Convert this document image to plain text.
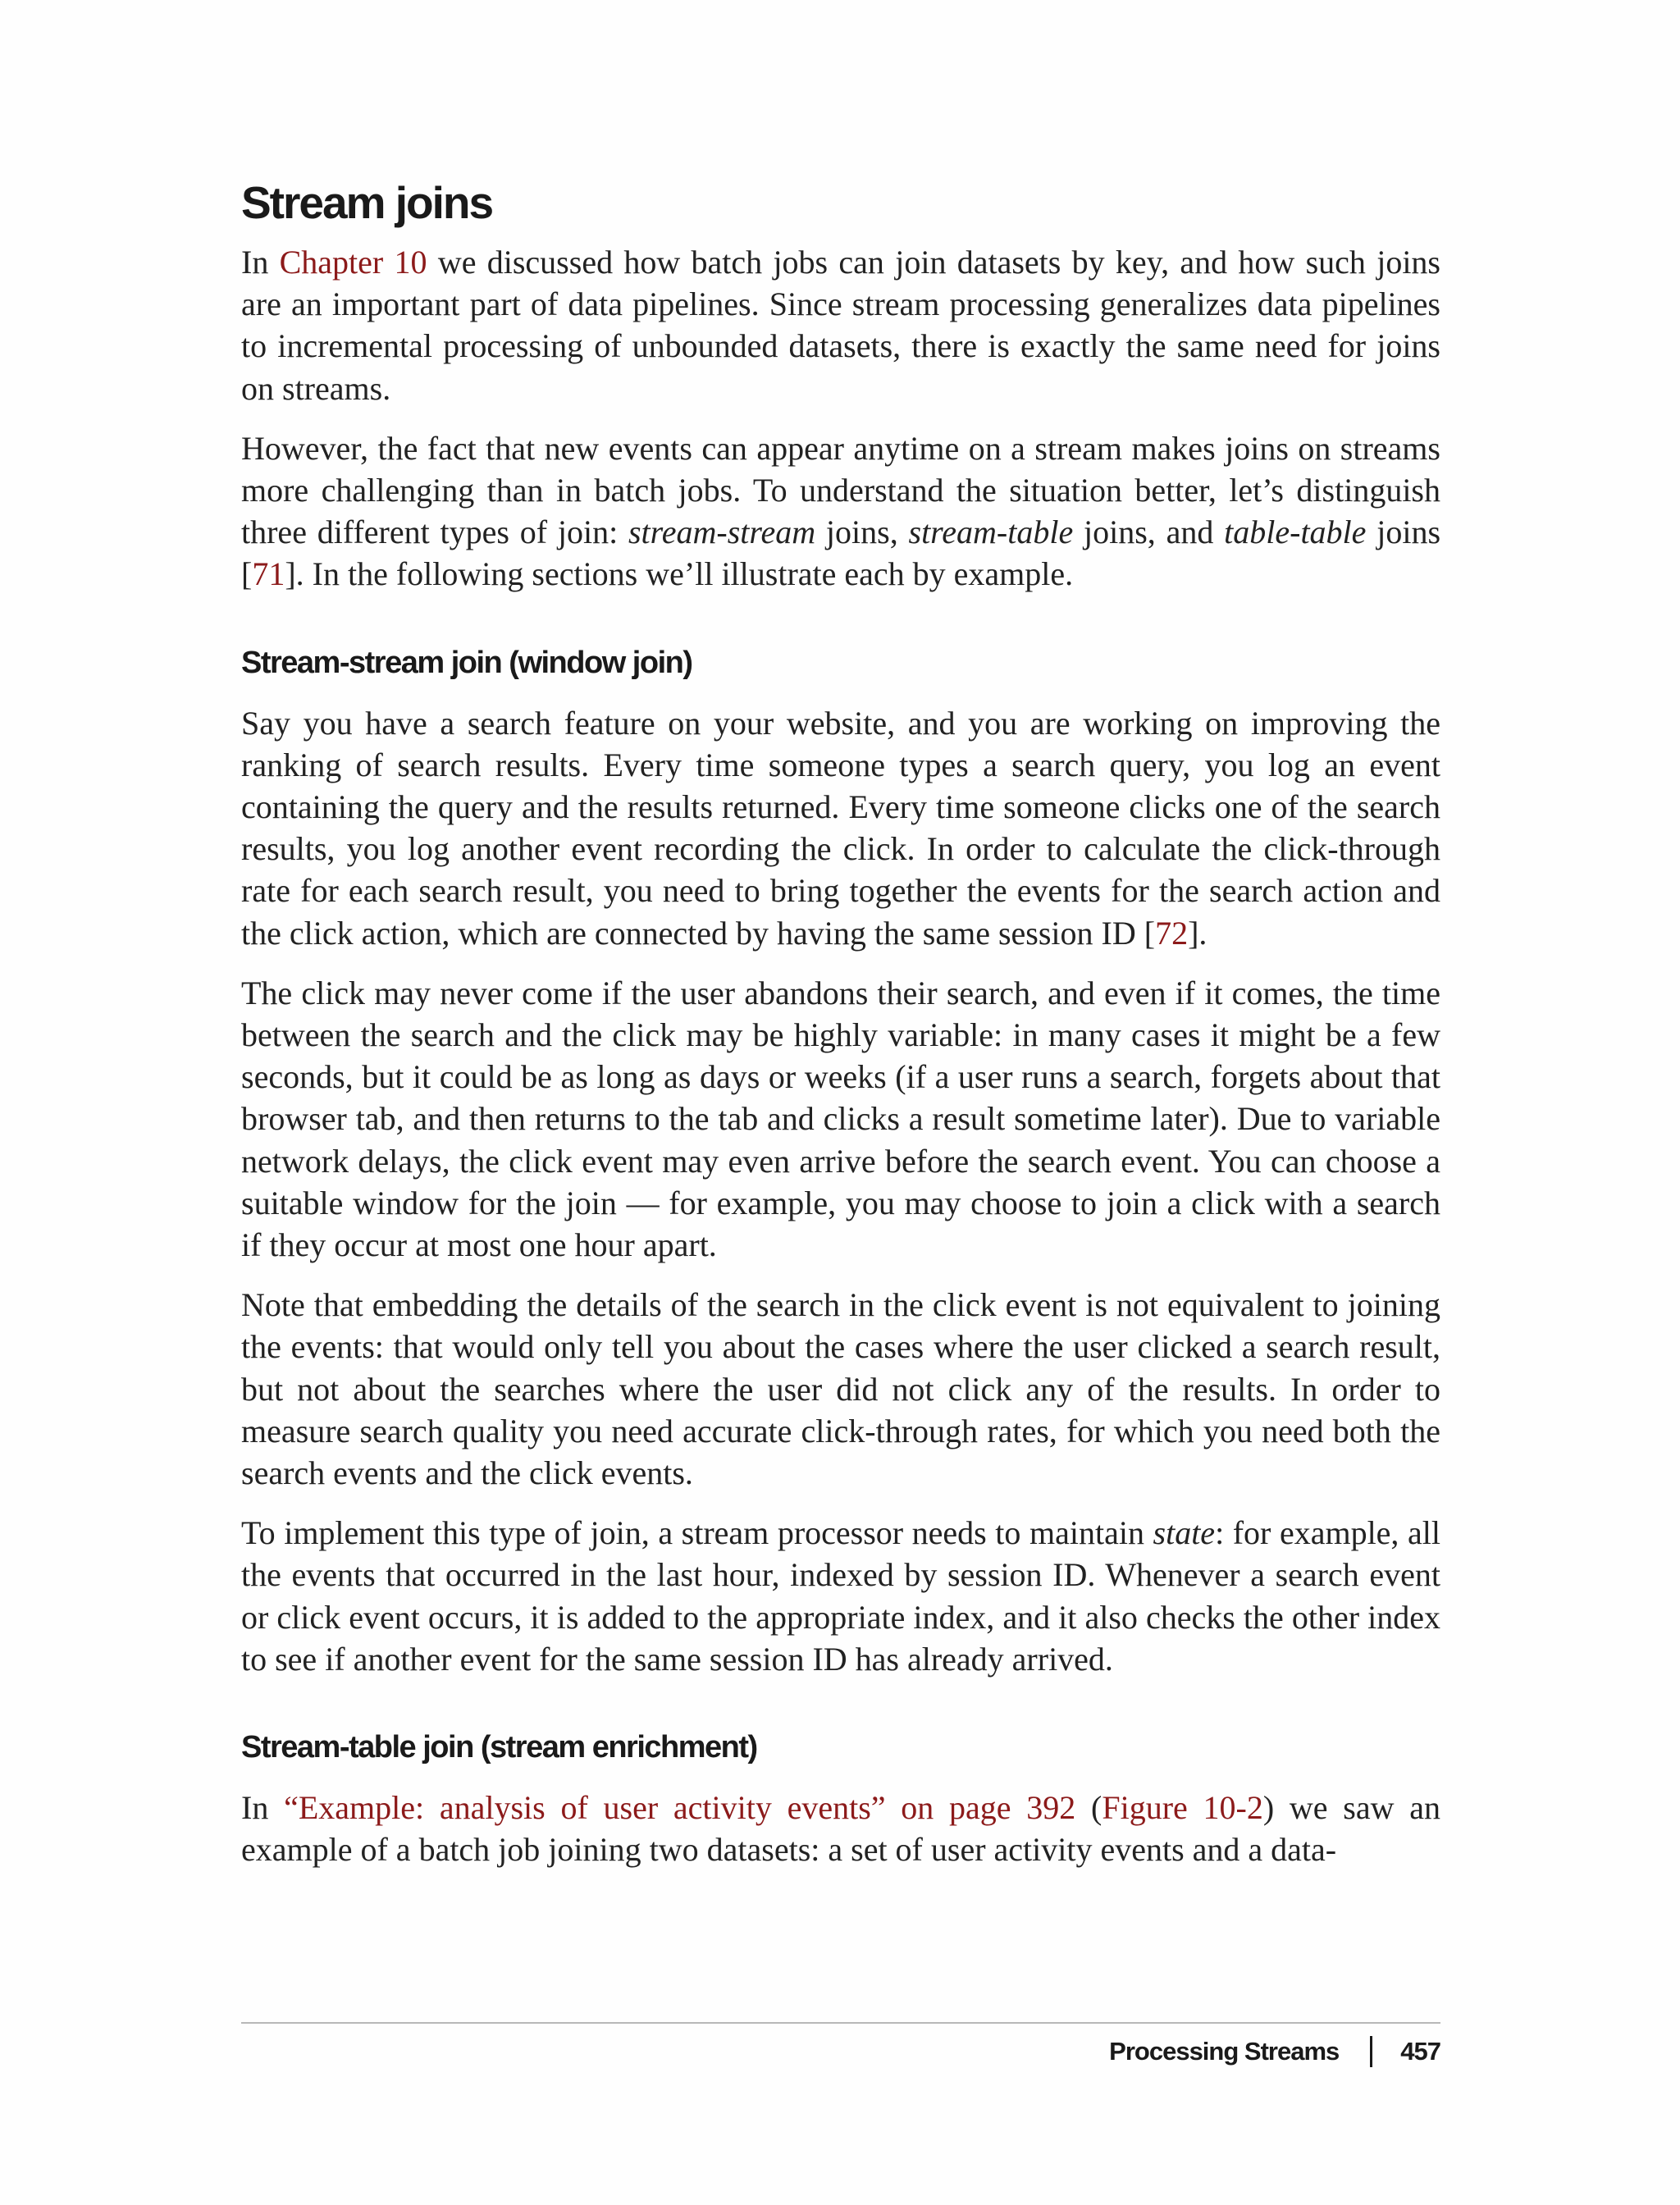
Stream joins

In Chapter 10 we discussed how batch jobs can join datasets by key, and how such joins are an important part of data pipelines. Since stream processing generalizes data pipelines to incremental processing of unbounded datasets, there is exactly the same need for joins on streams.

However, the fact that new events can appear anytime on a stream makes joins on streams more challenging than in batch jobs. To understand the situation better, let’s distinguish three different types of join: stream-stream joins, stream-table joins, and table-table joins [71]. In the following sections we’ll illustrate each by example.

Stream-stream join (window join)

Say you have a search feature on your website, and you are working on improving the ranking of search results. Every time someone types a search query, you log an event containing the query and the results returned. Every time someone clicks one of the search results, you log another event recording the click. In order to calculate the click-through rate for each search result, you need to bring together the events for the search action and the click action, which are connected by having the same session ID [72].

The click may never come if the user abandons their search, and even if it comes, the time between the search and the click may be highly variable: in many cases it might be a few seconds, but it could be as long as days or weeks (if a user runs a search, forgets about that browser tab, and then returns to the tab and clicks a result sometime later). Due to variable network delays, the click event may even arrive before the search event. You can choose a suitable window for the join — for example, you may choose to join a click with a search if they occur at most one hour apart.

Note that embedding the details of the search in the click event is not equivalent to joining the events: that would only tell you about the cases where the user clicked a search result, but not about the searches where the user did not click any of the results. In order to measure search quality you need accurate click-through rates, for which you need both the search events and the click events.

To implement this type of join, a stream processor needs to maintain state: for example, all the events that occurred in the last hour, indexed by session ID. Whenever a search event or click event occurs, it is added to the appropriate index, and it also checks the other index to see if another event for the same session ID has already arrived.

Stream-table join (stream enrichment)

In “Example: analysis of user activity events” on page 392 (Figure 10-2) we saw an example of a batch job joining two datasets: a set of user activity events and a data-

Processing Streams 457
